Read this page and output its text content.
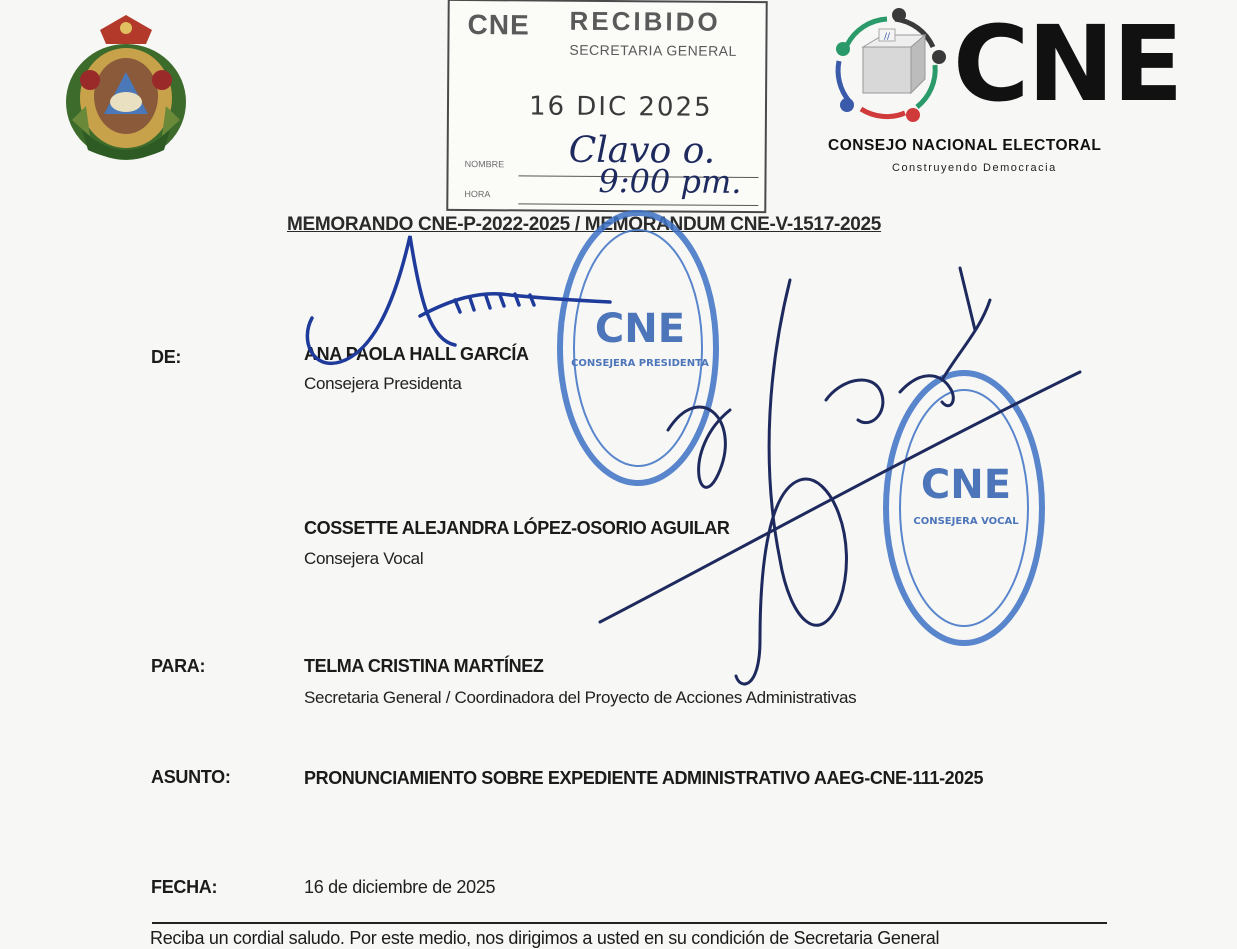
CNE RECIBIDO
SECRETARIA GENERAL
16 DIC 2025
NOMBRE
HORA
Clavo o.
9:00 pm.
// CNE
CONSEJO NACIONAL ELECTORAL
Construyendo Democracia
MEMORANDO CNE-P-2022-2025 / MEMORANDUM CNE-V-1517-2025
DE:	ANA PAOLA HALL GARCÍA
Consejera Presidenta
COSSETTE ALEJANDRA LÓPEZ-OSORIO AGUILAR
Consejera Vocal
PARA:	TELMA CRISTINA MARTÍNEZ
Secretaria General / Coordinadora del Proyecto de Acciones Administrativas
ASUNTO:	PRONUNCIAMIENTO SOBRE EXPEDIENTE ADMINISTRATIVO AAEG-CNE-111-2025
FECHA:	16 de diciembre de 2025
Reciba un cordial saludo. Por este medio, nos dirigimos a usted en su condición de Secretaria General
CNE
CONSEJERA PRESIDENTA
CNE
CONSEJERA VOCAL
